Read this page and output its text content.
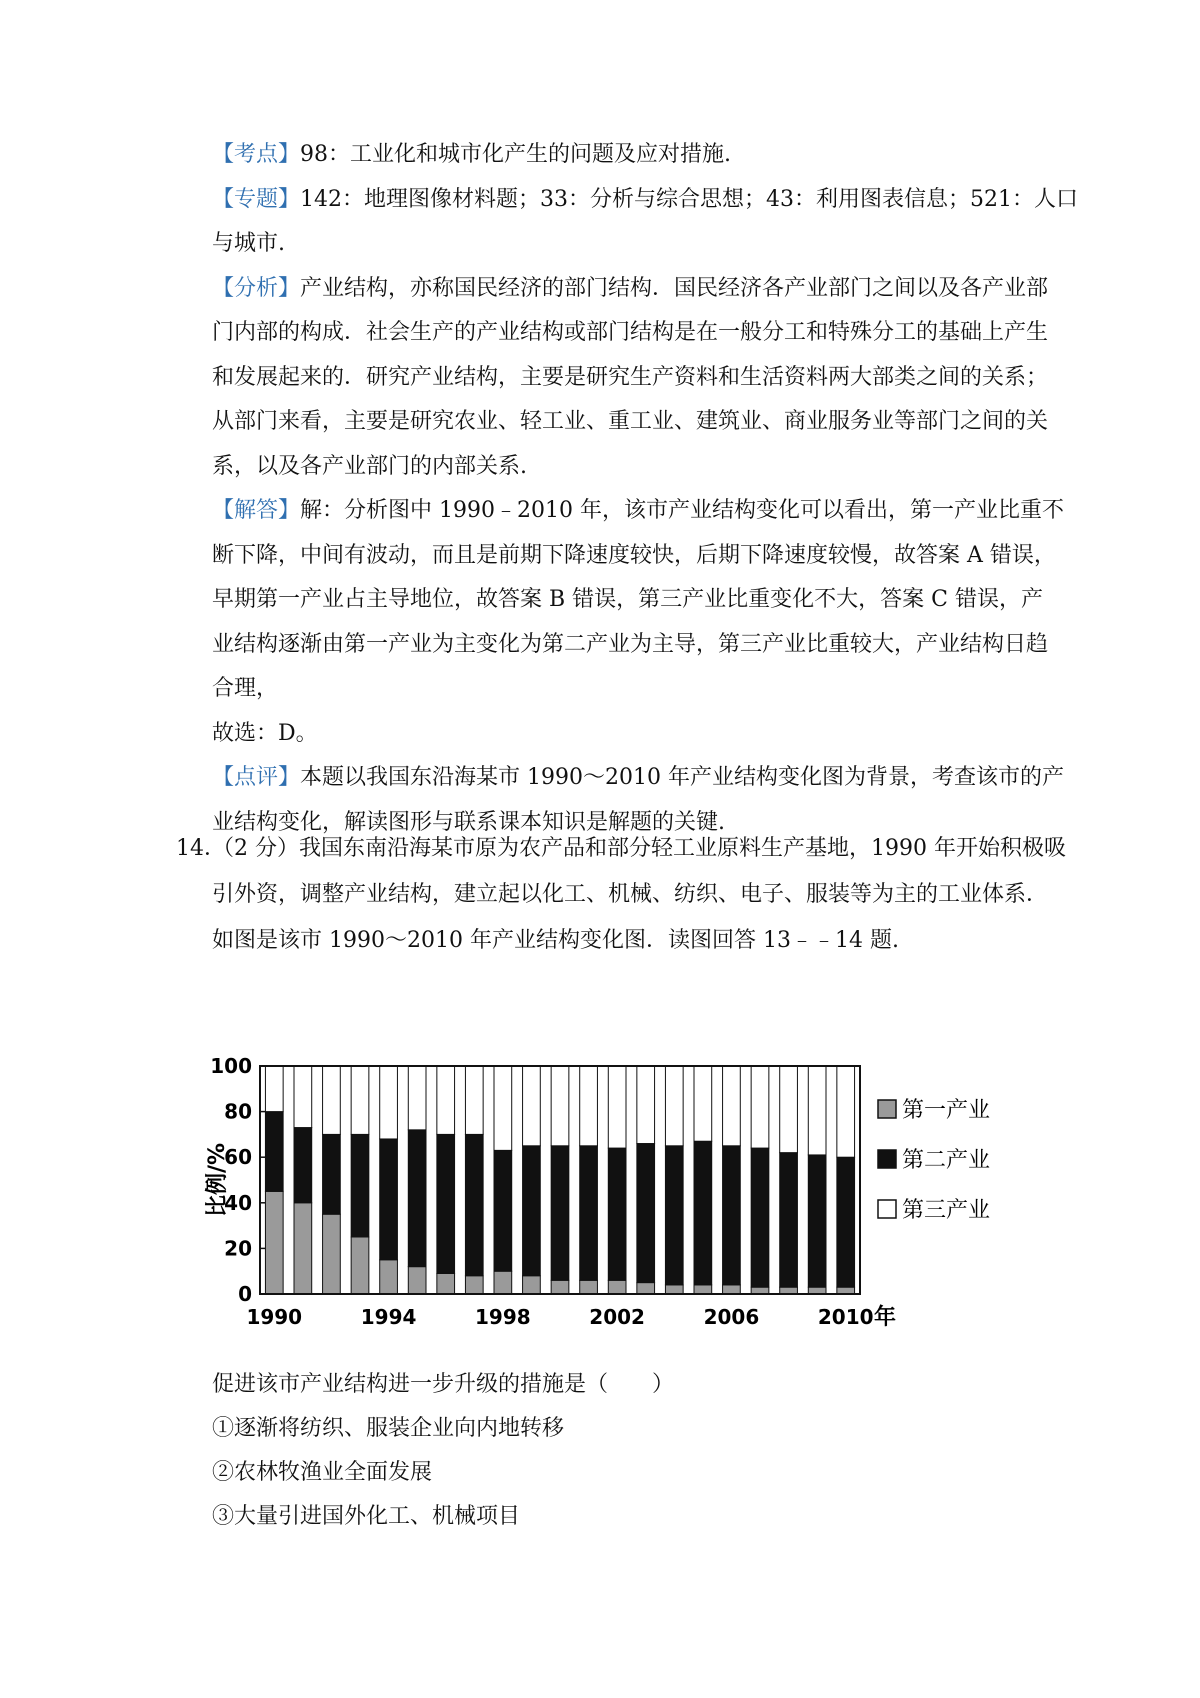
【考点】98：工业化和城市化产生的问题及应对措施.
【专题】142：地理图像材料题；33：分析与综合思想；43：利用图表信息；521：人口
与城市.
【分析】产业结构，亦称国民经济的部门结构．国民经济各产业部门之间以及各产业部
门内部的构成．社会生产的产业结构或部门结构是在一般分工和特殊分工的基础上产生
和发展起来的．研究产业结构，主要是研究生产资料和生活资料两大部类之间的关系；
从部门来看，主要是研究农业、轻工业、重工业、建筑业、商业服务业等部门之间的关
系，以及各产业部门的内部关系.
【解答】解：分析图中 1990﹣2010 年，该市产业结构变化可以看出，第一产业比重不
断下降，中间有波动，而且是前期下降速度较快，后期下降速度较慢，故答案 A 错误，
早期第一产业占主导地位，故答案 B 错误，第三产业比重变化不大，答案 C 错误，产
业结构逐渐由第一产业为主变化为第二产业为主导，第三产业比重较大，产业结构日趋
合理，
故选：D。
【点评】本题以我国东沿海某市 1990～2010 年产业结构变化图为背景，考查该市的产
业结构变化，解读图形与联系课本知识是解题的关键.
14．
（2 分）我国东南沿海某市原为农产品和部分轻工业原料生产基地，1990 年开始积极吸
引外资，调整产业结构，建立起以化工、机械、纺织、电子、服装等为主的工业体系．
如图是该市 1990～2010 年产业结构变化图．读图回答 13﹣﹣14 题.
比例/%
0
20
40
60
80
100
1990	1994	1998	2002	2006	2010 年
第一产业
第二产业
第三产业
促进该市产业结构进一步升级的措施是（　　）
①逐渐将纺织、服装企业向内地转移
②农林牧渔业全面发展
③大量引进国外化工、机械项目
